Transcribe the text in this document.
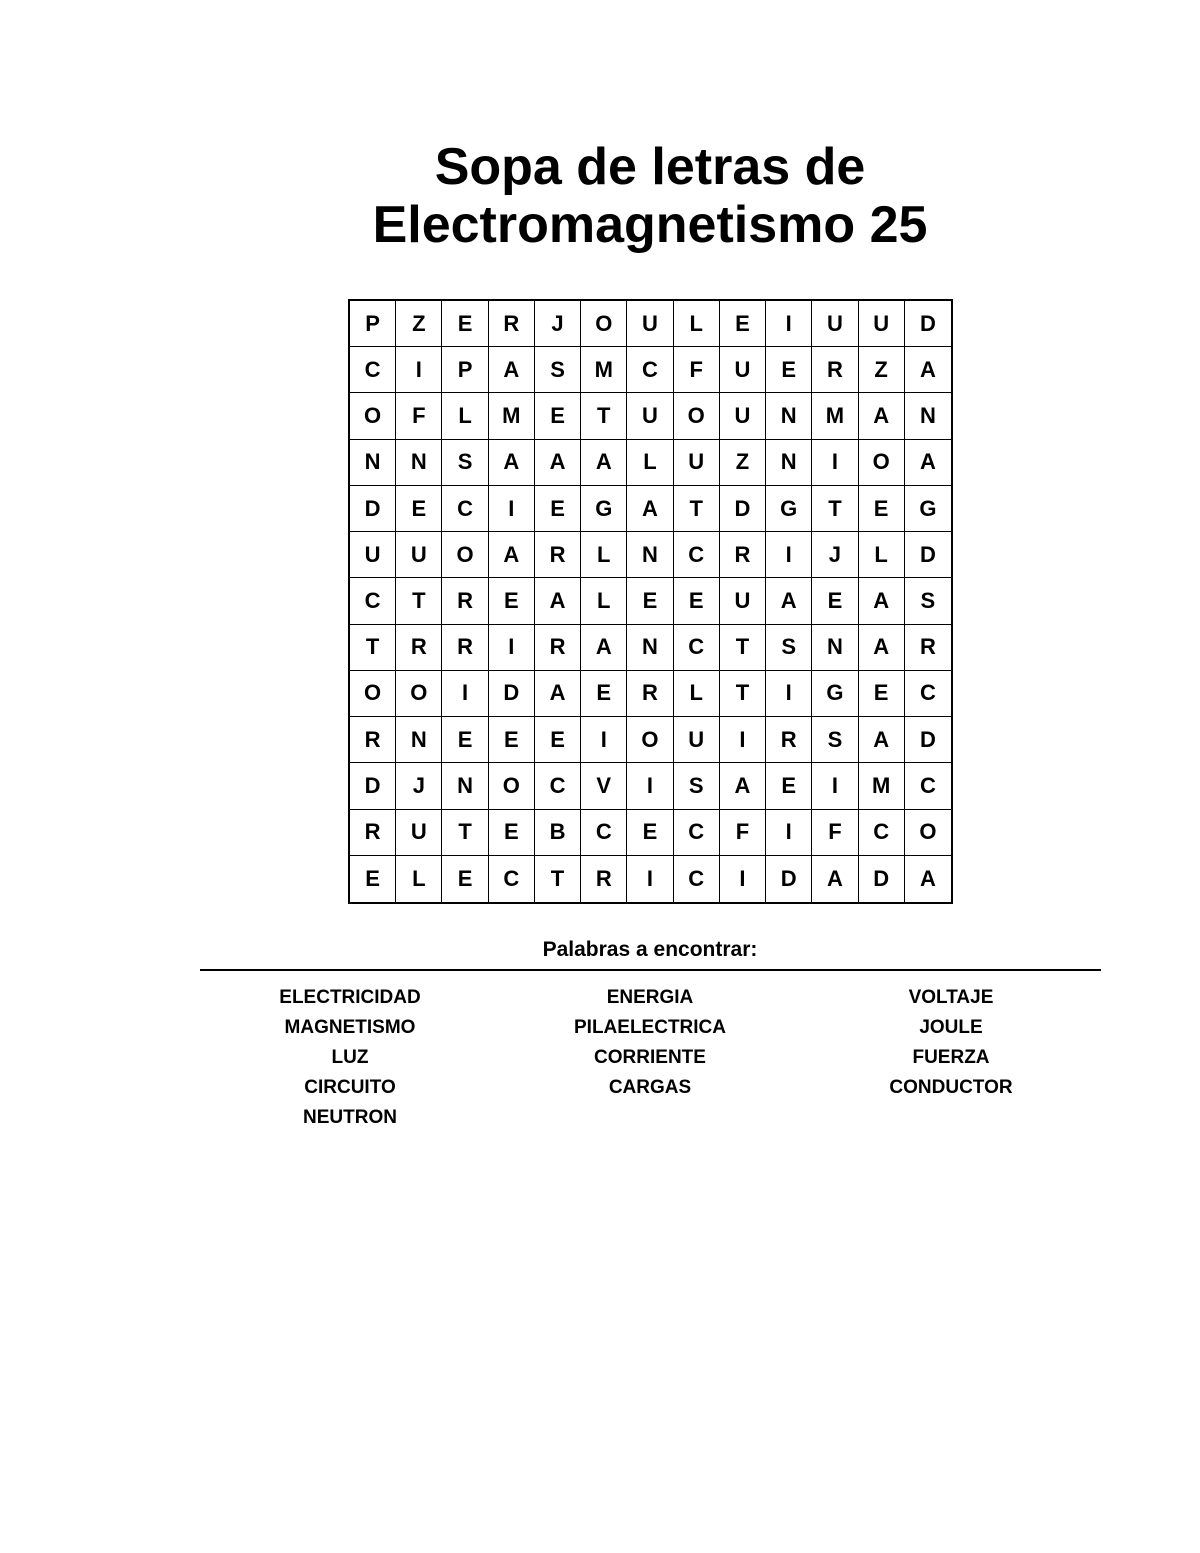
Sopa de letras de
Electromagnetismo 25
P	Z	E	R	J	O	U	L	E	I	U	U	D
C	I	P	A	S	M	C	F	U	E	R	Z	A
O	F	L	M	E	T	U	O	U	N	M	A	N
N	N	S	A	A	A	L	U	Z	N	I	O	A
D	E	C	I	E	G	A	T	D	G	T	E	G
U	U	O	A	R	L	N	C	R	I	J	L	D
C	T	R	E	A	L	E	E	U	A	E	A	S
T	R	R	I	R	A	N	C	T	S	N	A	R
O	O	I	D	A	E	R	L	T	I	G	E	C
R	N	E	E	E	I	O	U	I	R	S	A	D
D	J	N	O	C	V	I	S	A	E	I	M	C
R	U	T	E	B	C	E	C	F	I	F	C	O
E	L	E	C	T	R	I	C	I	D	A	D	A
Palabras a encontrar:
ELECTRICIDAD
MAGNETISMO
LUZ
CIRCUITO
NEUTRON
ENERGIA
PILAELECTRICA
CORRIENTE
CARGAS
VOLTAJE
JOULE
FUERZA
CONDUCTOR
